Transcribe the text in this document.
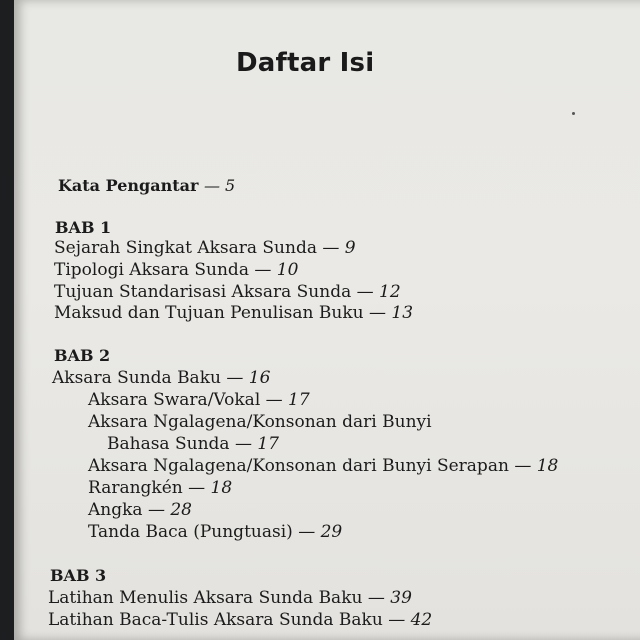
Daftar Isi
Kata Pengantar — 5
BAB 1
Sejarah Singkat Aksara Sunda — 9
Tipologi Aksara Sunda — 10
Tujuan Standarisasi Aksara Sunda — 12
Maksud dan Tujuan Penulisan Buku — 13
BAB 2
Aksara Sunda Baku — 16
Aksara Swara/Vokal — 17
Aksara Ngalagena/Konsonan dari Bunyi
Bahasa Sunda — 17
Aksara Ngalagena/Konsonan dari Bunyi Serapan — 18
Rarangkén — 18
Angka — 28
Tanda Baca (Pungtuasi) — 29
BAB 3
Latihan Menulis Aksara Sunda Baku — 39
Latihan Baca-Tulis Aksara Sunda Baku — 42
